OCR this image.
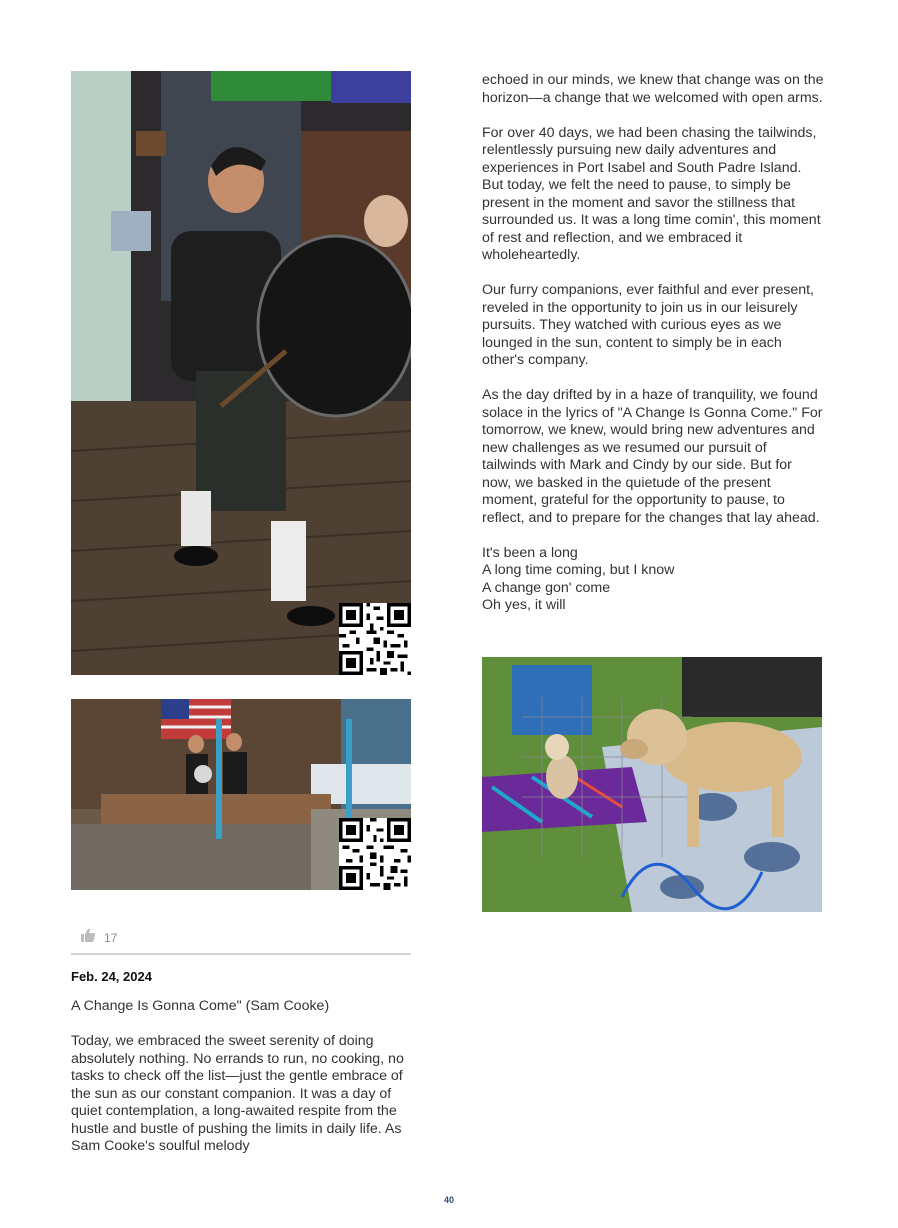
17
Feb. 24, 2024
A Change Is Gonna Come" (Sam Cooke)

Today, we embraced the sweet serenity of doing absolutely nothing. No errands to run, no cooking, no tasks to check off the list—just the gentle embrace of the sun as our constant companion. It was a day of quiet contemplation, a long-awaited respite from the hustle and bustle of pushing the limits in daily life. As Sam Cooke's soulful melody

echoed in our minds, we knew that change was on the horizon—a change that we welcomed with open arms.

For over 40 days, we had been chasing the tailwinds, relentlessly pursuing new daily adventures and experiences in Port Isabel and South Padre Island. But today, we felt the need to pause, to simply be present in the moment and savor the stillness that surrounded us. It was a long time comin', this moment of rest and reflection, and we embraced it wholeheartedly.

Our furry companions, ever faithful and ever present, reveled in the opportunity to join us in our leisurely pursuits. They watched with curious eyes as we lounged in the sun, content to simply be in each other's company.

As the day drifted by in a haze of tranquility, we found solace in the lyrics of "A Change Is Gonna Come." For tomorrow, we knew, would bring new adventures and new challenges as we resumed our pursuit of tailwinds with Mark and Cindy by our side. But for now, we basked in the quietude of the present moment, grateful for the opportunity to pause, to reflect, and to prepare for the changes that lay ahead.

It's been a long
A long time coming, but I know
A change gon' come
Oh yes, it will

40
